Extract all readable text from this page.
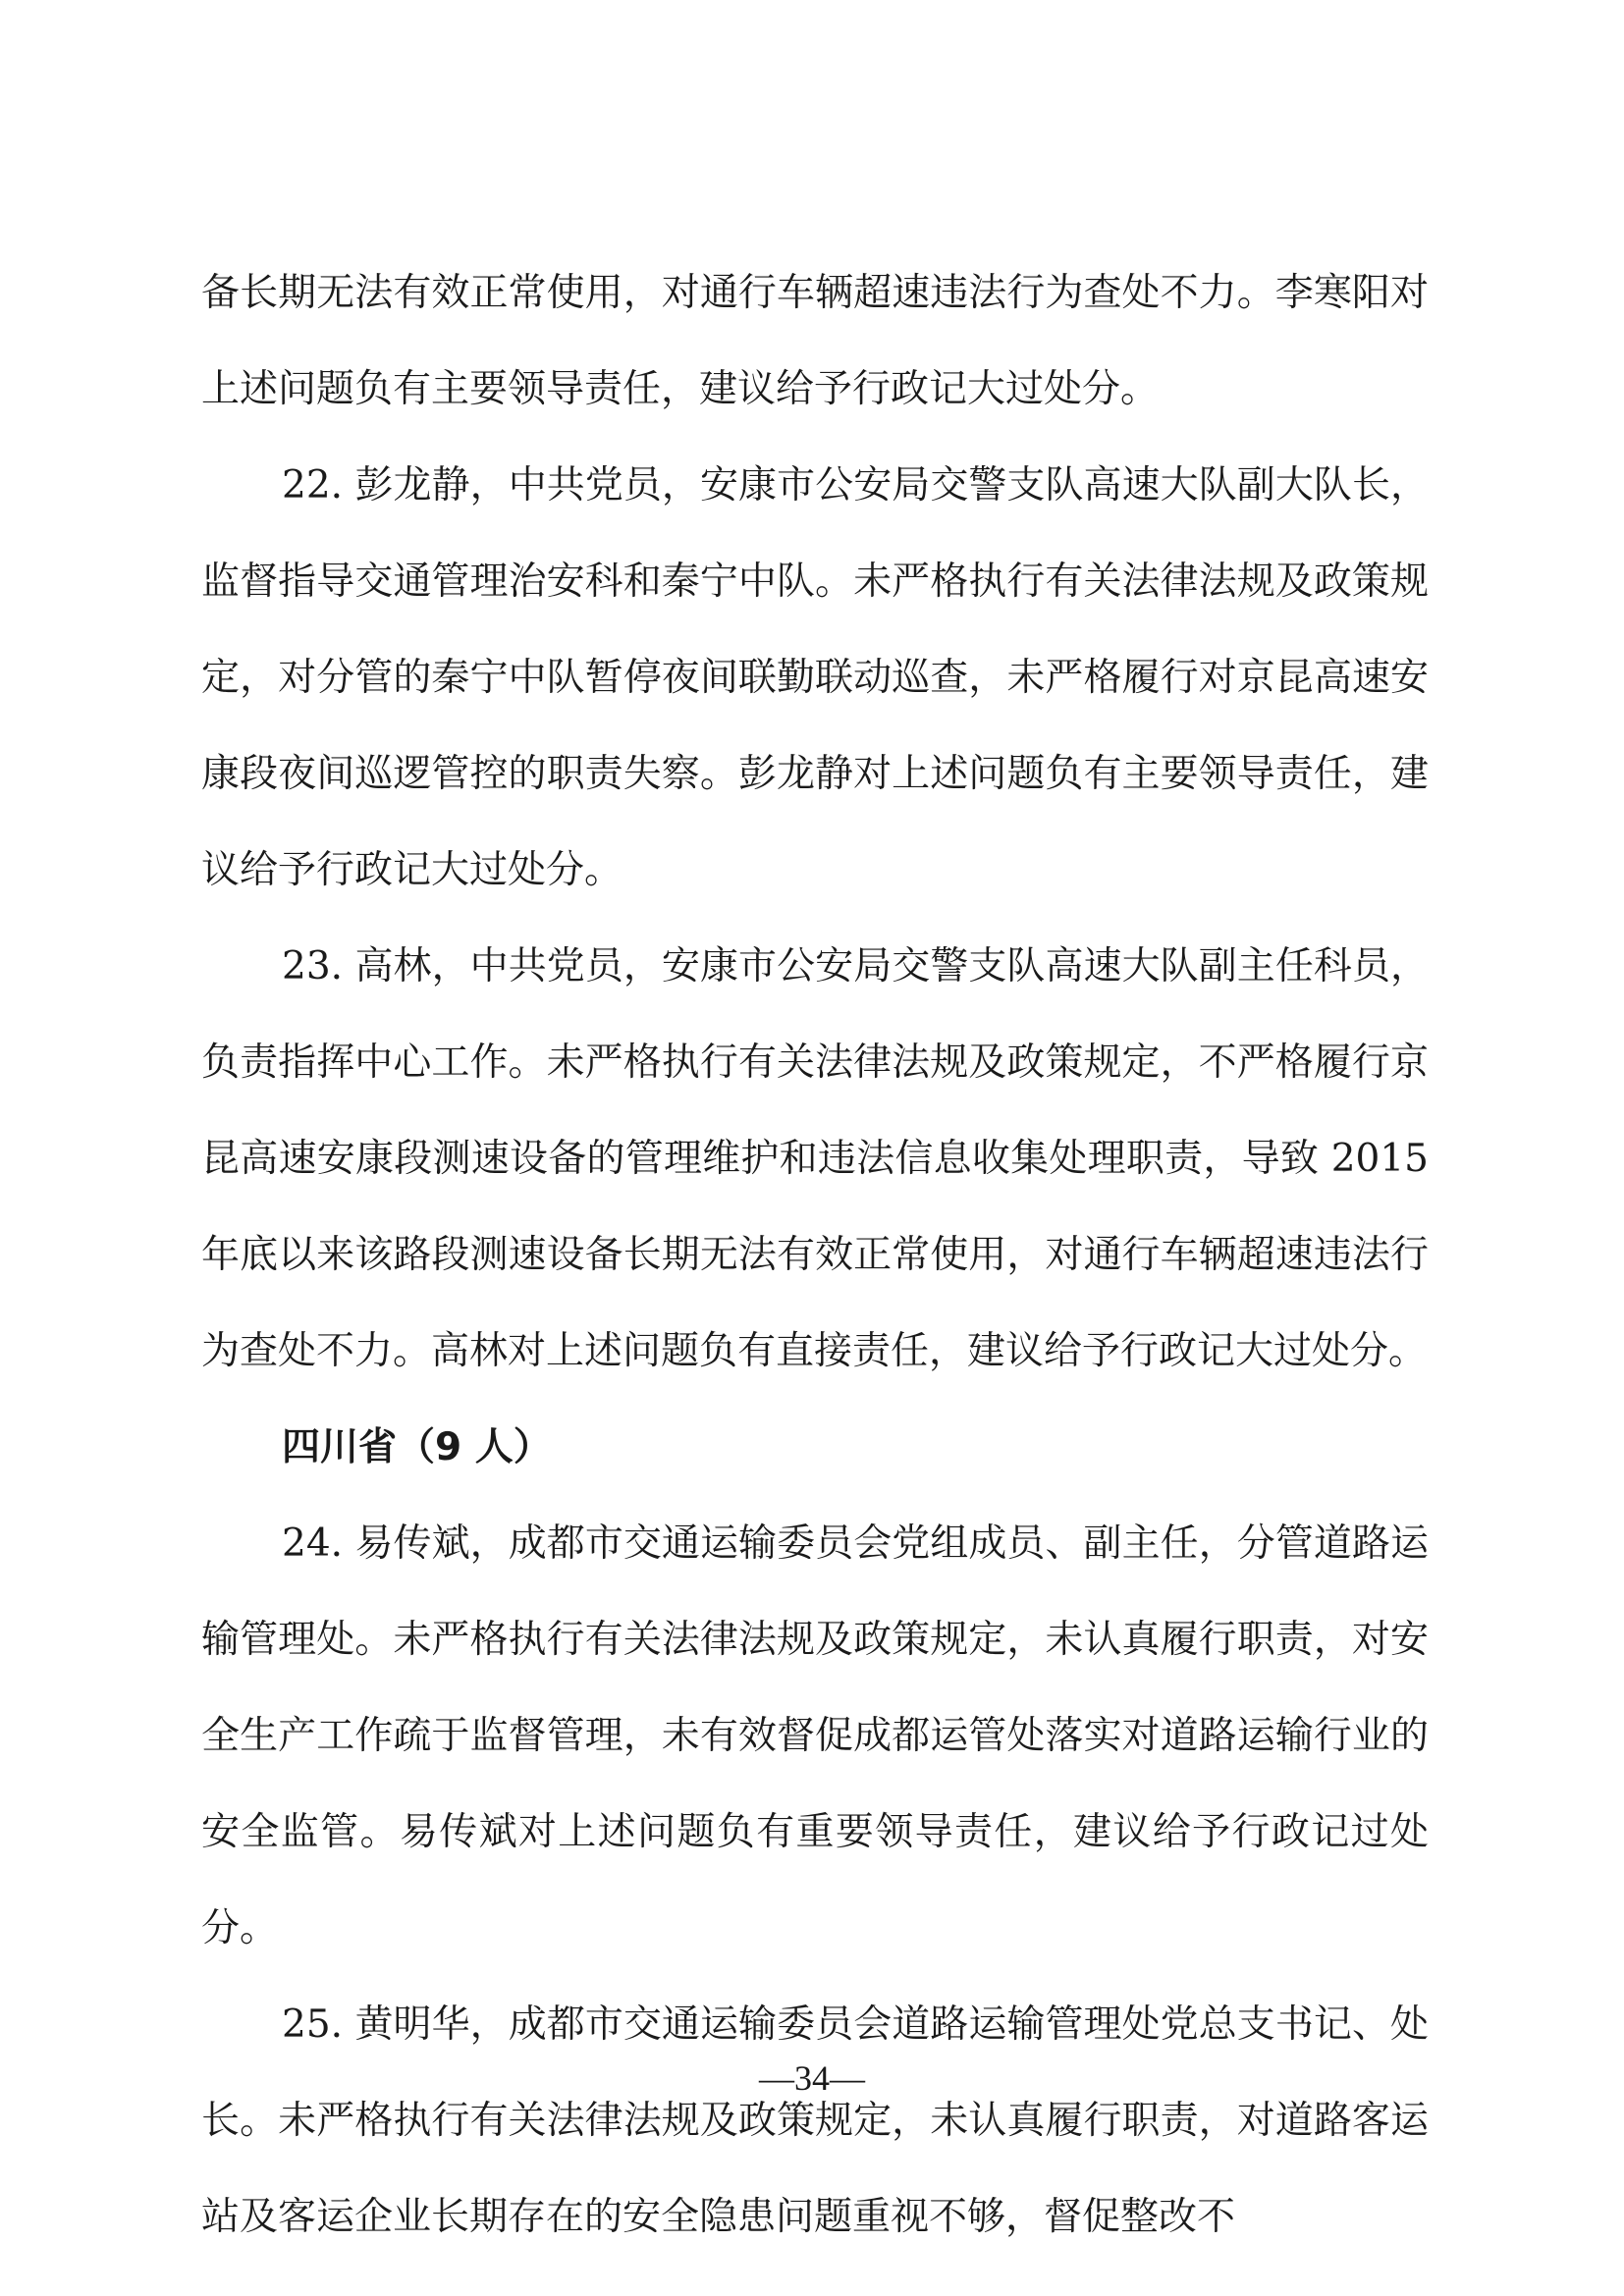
备长期无法有效正常使用，对通行车辆超速违法行为查处不力。李寒阳对上述问题负有主要领导责任，建议给予行政记大过处分。

22. 彭龙静，中共党员，安康市公安局交警支队高速大队副大队长，监督指导交通管理治安科和秦宁中队。未严格执行有关法律法规及政策规定，对分管的秦宁中队暂停夜间联勤联动巡查，未严格履行对京昆高速安康段夜间巡逻管控的职责失察。彭龙静对上述问题负有主要领导责任，建议给予行政记大过处分。

23. 高林，中共党员，安康市公安局交警支队高速大队副主任科员，负责指挥中心工作。未严格执行有关法律法规及政策规定，不严格履行京昆高速安康段测速设备的管理维护和违法信息收集处理职责，导致 2015 年底以来该路段测速设备长期无法有效正常使用，对通行车辆超速违法行为查处不力。高林对上述问题负有直接责任，建议给予行政记大过处分。

四川省（9 人）

24. 易传斌，成都市交通运输委员会党组成员、副主任，分管道路运输管理处。未严格执行有关法律法规及政策规定，未认真履行职责，对安全生产工作疏于监督管理，未有效督促成都运管处落实对道路运输行业的安全监管。易传斌对上述问题负有重要领导责任，建议给予行政记过处分。

25. 黄明华，成都市交通运输委员会道路运输管理处党总支书记、处长。未严格执行有关法律法规及政策规定，未认真履行职责，对道路客运站及客运企业长期存在的安全隐患问题重视不够，督促整改不

—34—
